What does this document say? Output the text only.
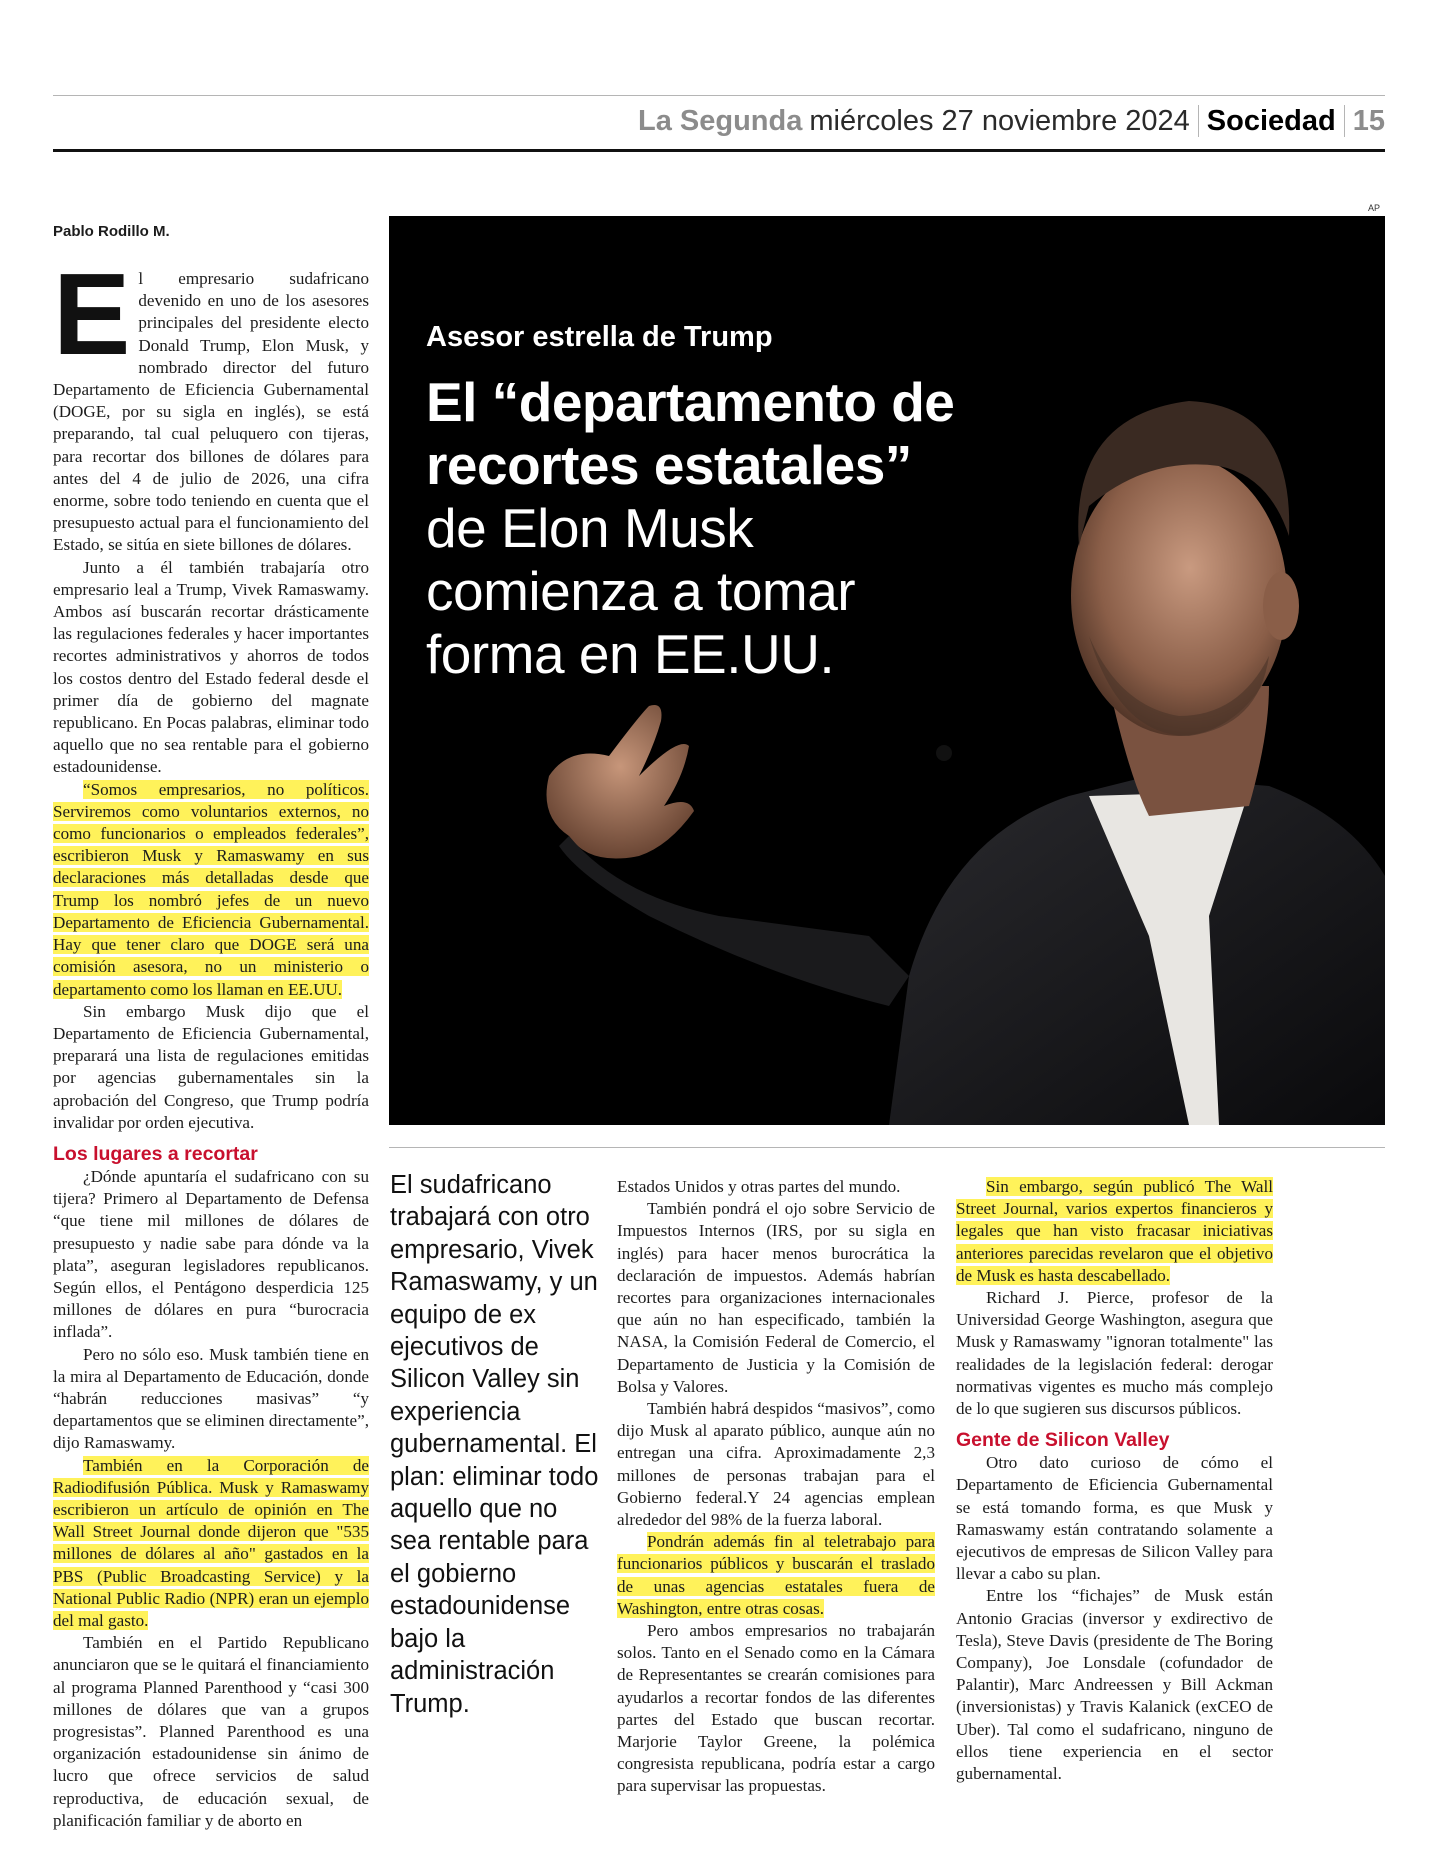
La Segunda miércoles 27 noviembre 2024 Sociedad 15
Pablo Rodillo M.

El empresario sudafricano devenido en uno de los asesores principales del presidente electo Donald Trump, Elon Musk, y nombrado director del futuro Departamento de Eficiencia Gubernamental (DOGE, por su sigla en inglés), se está preparando, tal cual peluquero con tijeras, para recortar dos billones de dólares para antes del 4 de julio de 2026, una cifra enorme, sobre todo teniendo en cuenta que el presupuesto actual para el funcionamiento del Estado, se sitúa en siete billones de dólares.

Junto a él también trabajaría otro empresario leal a Trump, Vivek Ramaswamy. Ambos así buscarán recortar drásticamente las regulaciones federales y hacer importantes recortes administrativos y ahorros de todos los costos dentro del Estado federal desde el primer día de gobierno del magnate republicano. En Pocas palabras, eliminar todo aquello que no sea rentable para el gobierno estadounidense.

“Somos empresarios, no políticos. Serviremos como voluntarios externos, no como funcionarios o empleados federales”, escribieron Musk y Ramaswamy en sus declaraciones más detalladas desde que Trump los nombró jefes de un nuevo Departamento de Eficiencia Gubernamental. Hay que tener claro que DOGE será una comisión asesora, no un ministerio o departamento como los llaman en EE.UU.

Sin embargo Musk dijo que el Departamento de Eficiencia Gubernamental, preparará una lista de regulaciones emitidas por agencias gubernamentales sin la aprobación del Congreso, que Trump podría invalidar por orden ejecutiva.

Los lugares a recortar

¿Dónde apuntaría el sudafricano con su tijera? Primero al Departamento de Defensa “que tiene mil millones de dólares de presupuesto y nadie sabe para dónde va la plata”, aseguran legisladores republicanos. Según ellos, el Pentágono desperdicia 125 millones de dólares en pura “burocracia inflada”.

Pero no sólo eso. Musk también tiene en la mira al Departamento de Educación, donde “habrán reducciones masivas” “y departamentos que se eliminen directamente”, dijo Ramaswamy.

También en la Corporación de Radiodifusión Pública. Musk y Ramaswamy escribieron un artículo de opinión en The Wall Street Journal donde dijeron que "535 millones de dólares al año" gastados en la PBS (Public Broadcasting Service) y la National Public Radio (NPR) eran un ejemplo del mal gasto.

También en el Partido Republicano anunciaron que se le quitará el financiamiento al programa Planned Parenthood y “casi 300 millones de dólares que van a grupos progresistas”. Planned Parenthood es una organización estadounidense sin ánimo de lucro que ofrece servicios de salud reproductiva, de educación sexual, de planificación familiar y de aborto en

AP
Asesor estrella de Trump
El “departamento de recortes estatales” de Elon Musk comienza a tomar forma en EE.UU.
El sudafricano trabajará con otro empresario, Vivek Ramaswamy, y un equipo de ex ejecutivos de Silicon Valley sin experiencia gubernamental. El plan: eliminar todo aquello que no sea rentable para el gobierno estadounidense bajo la administración Trump.

Estados Unidos y otras partes del mundo.

También pondrá el ojo sobre Servicio de Impuestos Internos (IRS, por su sigla en inglés) para hacer menos burocrática la declaración de impuestos. Además habrían recortes para organizaciones internacionales que aún no han especificado, también la NASA, la Comisión Federal de Comercio, el Departamento de Justicia y la Comisión de Bolsa y Valores.

También habrá despidos “masivos”, como dijo Musk al aparato público, aunque aún no entregan una cifra. Aproximadamente 2,3 millones de personas trabajan para el Gobierno federal.Y 24 agencias emplean alrededor del 98% de la fuerza laboral.

Pondrán además fin al teletrabajo para funcionarios públicos y buscarán el traslado de unas agencias estatales fuera de Washington, entre otras cosas.

Pero ambos empresarios no trabajarán solos. Tanto en el Senado como en la Cámara de Representantes se crearán comisiones para ayudarlos a recortar fondos de las diferentes partes del Estado que buscan recortar. Marjorie Taylor Greene, la polémica congresista republicana, podría estar a cargo para supervisar las propuestas.

Sin embargo, según publicó The Wall Street Journal, varios expertos financieros y legales que han visto fracasar iniciativas anteriores parecidas revelaron que el objetivo de Musk es hasta descabellado.

Richard J. Pierce, profesor de la Universidad George Washington, asegura que Musk y Ramaswamy "ignoran totalmente" las realidades de la legislación federal: derogar normativas vigentes es mucho más complejo de lo que sugieren sus discursos públicos.

Gente de Silicon Valley

Otro dato curioso de cómo el Departamento de Eficiencia Gubernamental se está tomando forma, es que Musk y Ramaswamy están contratando solamente a ejecutivos de empresas de Silicon Valley para llevar a cabo su plan.

Entre los “fichajes” de Musk están Antonio Gracias (inversor y exdirectivo de Tesla), Steve Davis (presidente de The Boring Company), Joe Lonsdale (cofundador de Palantir), Marc Andreessen y Bill Ackman (inversionistas) y Travis Kalanick (exCEO de Uber). Tal como el sudafricano, ninguno de ellos tiene experiencia en el sector gubernamental.
